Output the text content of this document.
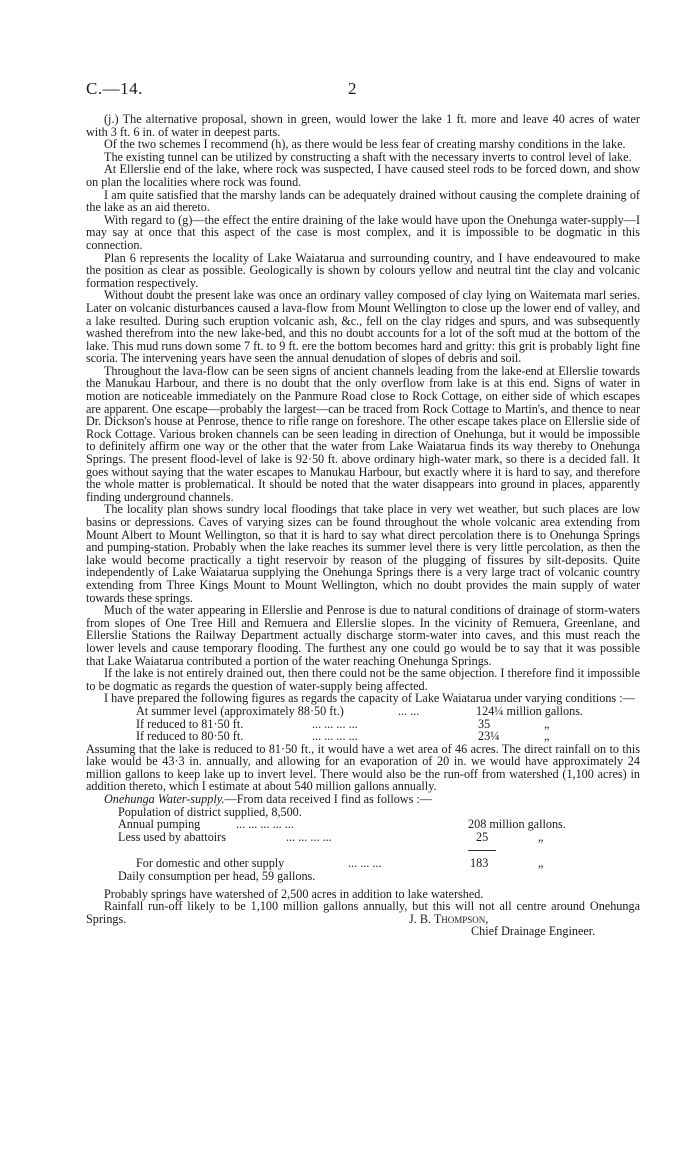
C.—14.	2

(j.) The alternative proposal, shown in green, would lower the lake 1 ft. more and leave 40 acres of water with 3 ft. 6 in. of water in deepest parts.

Of the two schemes I recommend (h), as there would be less fear of creating marshy conditions in the lake.

The existing tunnel can be utilized by constructing a shaft with the necessary inverts to control level of lake.

At Ellerslie end of the lake, where rock was suspected, I have caused steel rods to be forced down, and show on plan the localities where rock was found.

I am quite satisfied that the marshy lands can be adequately drained without causing the complete draining of the lake as an aid thereto.

With regard to (g)—the effect the entire draining of the lake would have upon the Onehunga water-supply—I may say at once that this aspect of the case is most complex, and it is impossible to be dogmatic in this connection.

Plan 6 represents the locality of Lake Waiatarua and surrounding country, and I have endeavoured to make the position as clear as possible. Geologically is shown by colours yellow and neutral tint the clay and volcanic formation respectively.

Without doubt the present lake was once an ordinary valley composed of clay lying on Waitemata marl series. Later on volcanic disturbances caused a lava-flow from Mount Wellington to close up the lower end of valley, and a lake resulted. During such eruption volcanic ash, &c., fell on the clay ridges and spurs, and was subsequently washed therefrom into the new lake-bed, and this no doubt accounts for a lot of the soft mud at the bottom of the lake. This mud runs down some 7 ft. to 9 ft. ere the bottom becomes hard and gritty: this grit is probably light fine scoria. The intervening years have seen the annual denudation of slopes of debris and soil.

Throughout the lava-flow can be seen signs of ancient channels leading from the lake-end at Ellerslie towards the Manukau Harbour, and there is no doubt that the only overflow from lake is at this end. Signs of water in motion are noticeable immediately on the Panmure Road close to Rock Cottage, on either side of which escapes are apparent. One escape—probably the largest—can be traced from Rock Cottage to Martin's, and thence to near Dr. Dickson's house at Penrose, thence to rifle range on foreshore. The other escape takes place on Ellerslie side of Rock Cottage. Various broken channels can be seen leading in direction of Onehunga, but it would be impossible to definitely affirm one way or the other that the water from Lake Waiatarua finds its way thereby to Onehunga Springs. The present flood-level of lake is 92·50 ft. above ordinary high-water mark, so there is a decided fall. It goes without saying that the water escapes to Manukau Harbour, but exactly where it is hard to say, and therefore the whole matter is problematical. It should be noted that the water disappears into ground in places, apparently finding underground channels.

The locality plan shows sundry local floodings that take place in very wet weather, but such places are low basins or depressions. Caves of varying sizes can be found throughout the whole volcanic area extending from Mount Albert to Mount Wellington, so that it is hard to say what direct percolation there is to Onehunga Springs and pumping-station. Probably when the lake reaches its summer level there is very little percolation, as then the lake would become practically a tight reservoir by reason of the plugging of fissures by silt-deposits. Quite independently of Lake Waiatarua supplying the Onehunga Springs there is a very large tract of volcanic country extending from Three Kings Mount to Mount Wellington, which no doubt provides the main supply of water towards these springs.

Much of the water appearing in Ellerslie and Penrose is due to natural conditions of drainage of storm-waters from slopes of One Tree Hill and Remuera and Ellerslie slopes. In the vicinity of Remuera, Greenlane, and Ellerslie Stations the Railway Department actually discharge storm-water into caves, and this must reach the lower levels and cause temporary flooding. The furthest any one could go would be to say that it was possible that Lake Waiatarua contributed a portion of the water reaching Onehunga Springs.

If the lake is not entirely drained out, then there could not be the same objection. I therefore find it impossible to be dogmatic as regards the question of water-supply being affected.

I have prepared the following figures as regards the capacity of Lake Waiatarua under varying conditions :—

At summer level (approximately 88·50 ft.)	... ...	124¼ million gallons.
If reduced to 81·50 ft.	... ... ... ...	35	„
If reduced to 80·50 ft.	... ... ... ...	23¼	„

Assuming that the lake is reduced to 81·50 ft., it would have a wet area of 46 acres. The direct rainfall on to this lake would be 43·3 in. annually, and allowing for an evaporation of 20 in. we would have approximately 24 million gallons to keep lake up to invert level. There would also be the run-off from watershed (1,100 acres) in addition thereto, which I estimate at about 540 million gallons annually.

Onehunga Water-supply.—From data received I find as follows :—

Population of district supplied, 8,500.
Annual pumping	... ... ... ... ...	208 million gallons.
Less used by abattoirs	... ... ... ...	25	„
For domestic and other supply	... ... ...	183	„
Daily consumption per head, 59 gallons.

Probably springs have watershed of 2,500 acres in addition to lake watershed.

Rainfall run-off likely to be 1,100 million gallons annually, but this will not all centre around Onehunga Springs.	J. B. Thompson,
Chief Drainage Engineer.
